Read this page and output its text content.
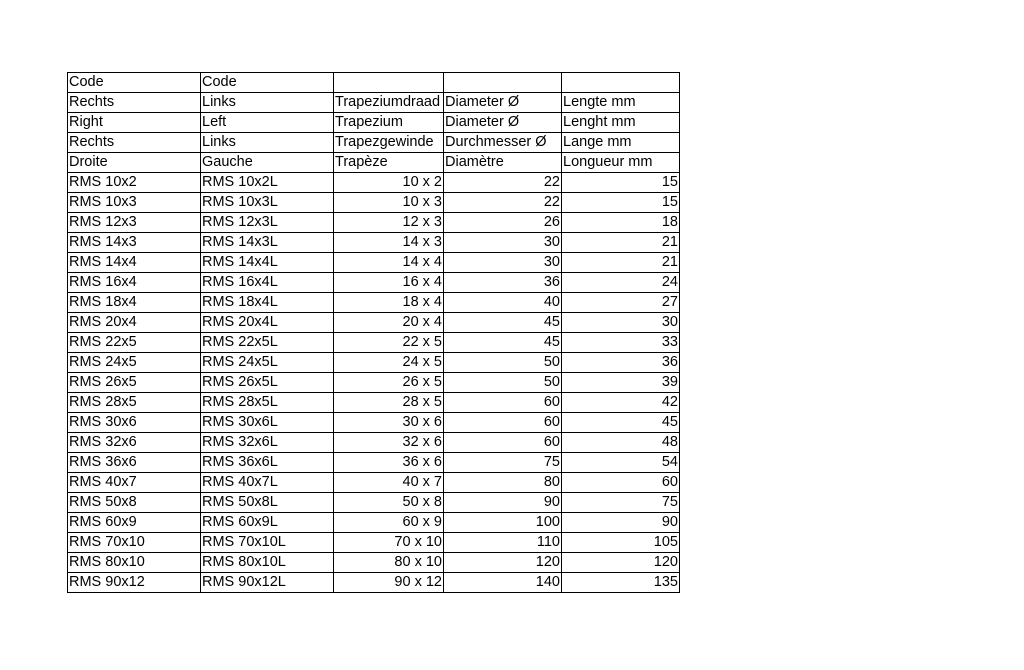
Code	Code			
Rechts	Links	Trapeziumdraad	Diameter Ø	Lengte mm
Right	Left	Trapezium	Diameter Ø	Lenght mm
Rechts	Links	Trapezgewinde	Durchmesser Ø	Lange mm
Droite	Gauche	Trapèze	Diamètre	Longueur mm
RMS 10x2	RMS 10x2L	10 x 2	22	15
RMS 10x3	RMS 10x3L	10 x 3	22	15
RMS 12x3	RMS 12x3L	12 x 3	26	18
RMS 14x3	RMS 14x3L	14 x 3	30	21
RMS 14x4	RMS 14x4L	14 x 4	30	21
RMS 16x4	RMS 16x4L	16 x 4	36	24
RMS 18x4	RMS 18x4L	18 x 4	40	27
RMS 20x4	RMS 20x4L	20 x 4	45	30
RMS 22x5	RMS 22x5L	22 x 5	45	33
RMS 24x5	RMS 24x5L	24 x 5	50	36
RMS 26x5	RMS 26x5L	26 x 5	50	39
RMS 28x5	RMS 28x5L	28 x 5	60	42
RMS 30x6	RMS 30x6L	30 x 6	60	45
RMS 32x6	RMS 32x6L	32 x 6	60	48
RMS 36x6	RMS 36x6L	36 x 6	75	54
RMS 40x7	RMS 40x7L	40 x 7	80	60
RMS 50x8	RMS 50x8L	50 x 8	90	75
RMS 60x9	RMS 60x9L	60 x 9	100	90
RMS 70x10	RMS 70x10L	70 x 10	110	105
RMS 80x10	RMS 80x10L	80 x 10	120	120
RMS 90x12	RMS 90x12L	90 x 12	140	135
